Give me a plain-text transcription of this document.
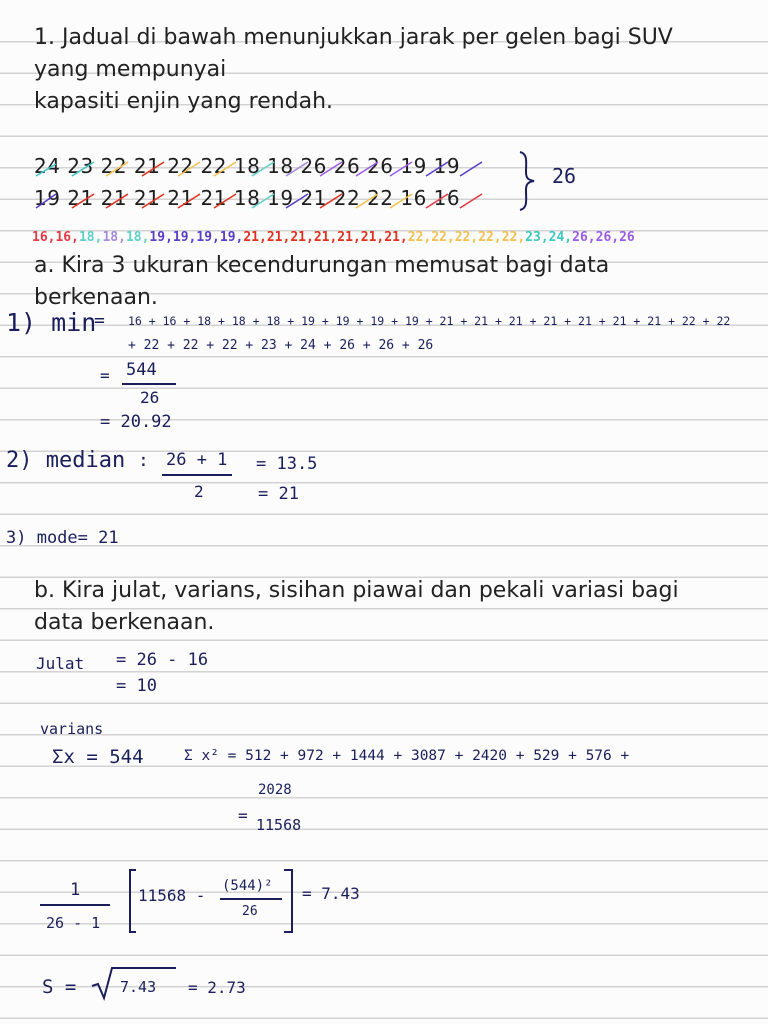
1. Jadual di bawah menunjukkan jarak per gelen bagi SUV
yang mempunyai
kapasiti enjin yang rendah.
24 23 22 21 22 22 18 18 26 26 26 19 19
19 21 21 21 21 21 18 19 21 22 22 16 16
26
16,16,18,18,18,19,19,19,19,21,21,21,21,21,21,21,22,22,22,22,22,23,24,26,26,26
a. Kira 3 ukuran kecendurungan memusat bagi data
berkenaan.
1) min
= 16 + 16 + 18 + 18 + 18 + 19 + 19 + 19 + 19 + 21 + 21 + 21 + 21 + 21 + 21 + 21 + 22 + 22
+ 22 + 22 + 22 + 23 + 24 + 26 + 26 + 26
= 544
26
= 20.92
2) median : 26 + 1
2
= 13.5
= 21
3) mode= 21
b. Kira julat, varians, sisihan piawai dan pekali variasi bagi
data berkenaan.
Julat = 26 - 16
= 10
varians
Σx = 544	Σ x² = 512 + 972 + 1444 + 3087 + 2420 + 529 + 576 +
2028
= 11568
1
26 - 1
11568 - (544)²
26
= 7.43
S =	7.43 = 2.73
